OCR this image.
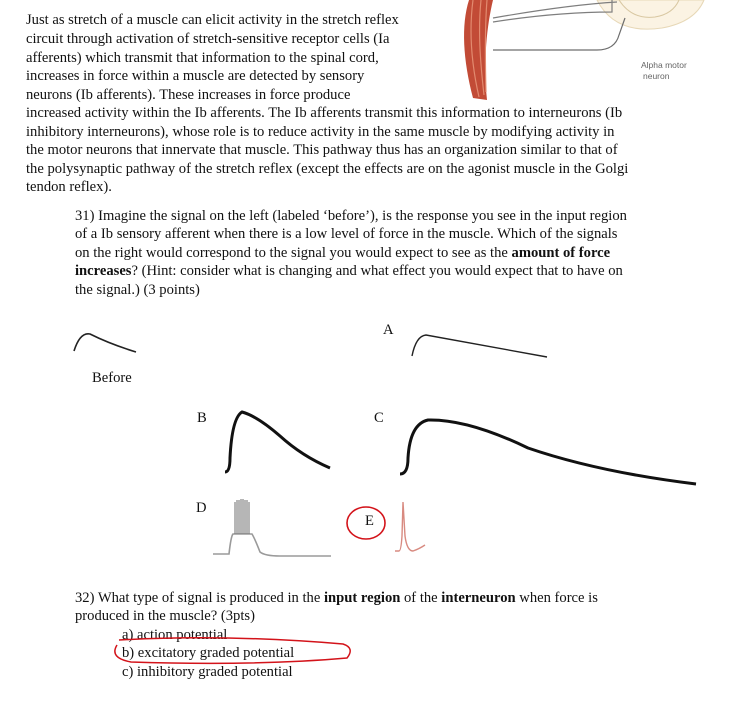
Alpha motor
neuron
Just as stretch of a muscle can elicit activity in the stretch reflex
circuit through activation of stretch-sensitive receptor cells (Ia
afferents) which transmit that information to the spinal cord,
increases in force within a muscle are detected by sensory
neurons (Ib afferents). These increases in force produce
increased activity within the Ib afferents. The Ib afferents transmit this information to interneurons (Ib
inhibitory interneurons), whose role is to reduce activity in the same muscle by modifying activity in
the motor neurons that innervate that muscle. This pathway thus has an organization similar to that of
the polysynaptic pathway of the stretch reflex (except the effects are on the agonist muscle in the Golgi
tendon reflex).
31) Imagine the signal on the left (labeled ‘before’), is the response you see in the input region
of a Ib sensory afferent when there is a low level of force in the muscle. Which of the signals
on the right would correspond to the signal you would expect to see as the amount of force
increases? (Hint: consider what is changing and what effect you would expect that to have on
the signal.) (3 points)
Before
A
B	C
D
E
32) What type of signal is produced in the input region of the interneuron when force is
produced in the muscle? (3pts)
a) action potential
b) excitatory graded potential
c) inhibitory graded potential
